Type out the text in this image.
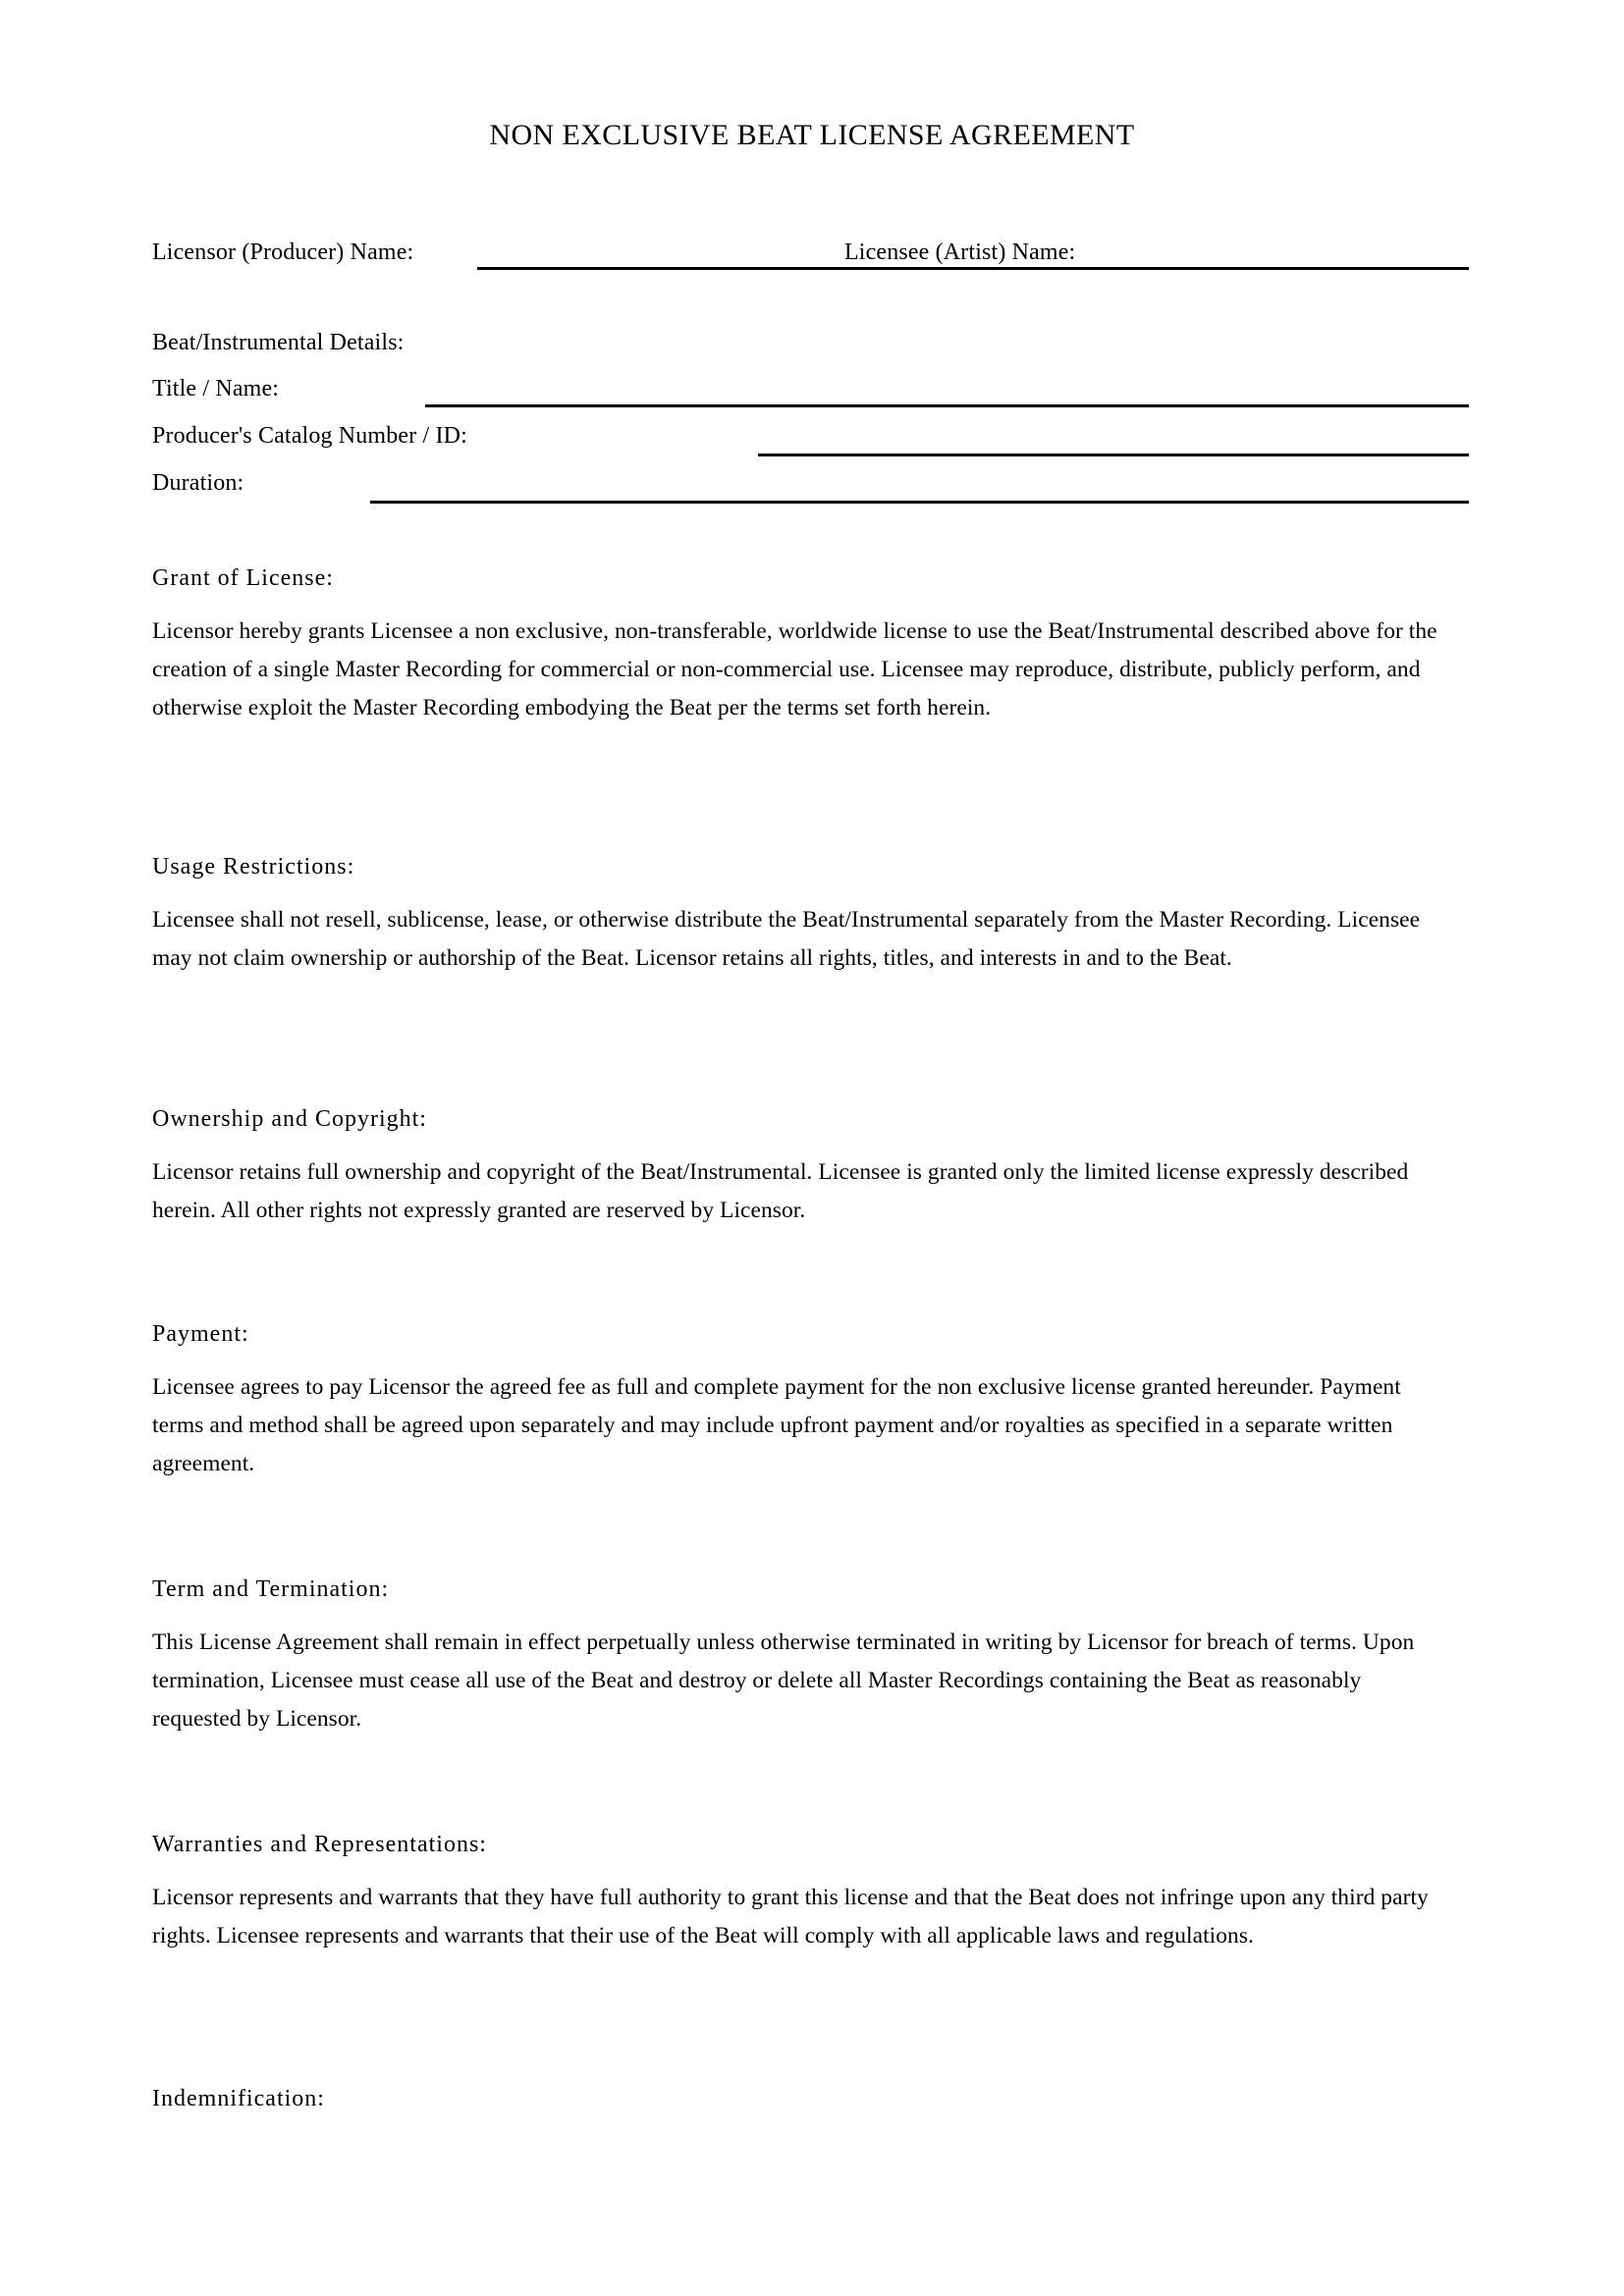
NON EXCLUSIVE BEAT LICENSE AGREEMENT
Licensor (Producer) Name:	Licensee (Artist) Name:
Beat/Instrumental Details:
Title / Name:
Producer's Catalog Number / ID:
Duration:
Grant of License:
Licensor hereby grants Licensee a non exclusive, non-transferable, worldwide license to use the Beat/Instrumental described above for the creation of a single Master Recording for commercial or non-commercial use. Licensee may reproduce, distribute, publicly perform, and otherwise exploit the Master Recording embodying the Beat per the terms set forth herein.
Usage Restrictions:
Licensee shall not resell, sublicense, lease, or otherwise distribute the Beat/Instrumental separately from the Master Recording. Licensee may not claim ownership or authorship of the Beat. Licensor retains all rights, titles, and interests in and to the Beat.
Ownership and Copyright:
Licensor retains full ownership and copyright of the Beat/Instrumental. Licensee is granted only the limited license expressly described herein. All other rights not expressly granted are reserved by Licensor.
Payment:
Licensee agrees to pay Licensor the agreed fee as full and complete payment for the non exclusive license granted hereunder. Payment terms and method shall be agreed upon separately and may include upfront payment and/or royalties as specified in a separate written agreement.
Term and Termination:
This License Agreement shall remain in effect perpetually unless otherwise terminated in writing by Licensor for breach of terms. Upon termination, Licensee must cease all use of the Beat and destroy or delete all Master Recordings containing the Beat as reasonably requested by Licensor.
Warranties and Representations:
Licensor represents and warrants that they have full authority to grant this license and that the Beat does not infringe upon any third party rights. Licensee represents and warrants that their use of the Beat will comply with all applicable laws and regulations.
Indemnification:
